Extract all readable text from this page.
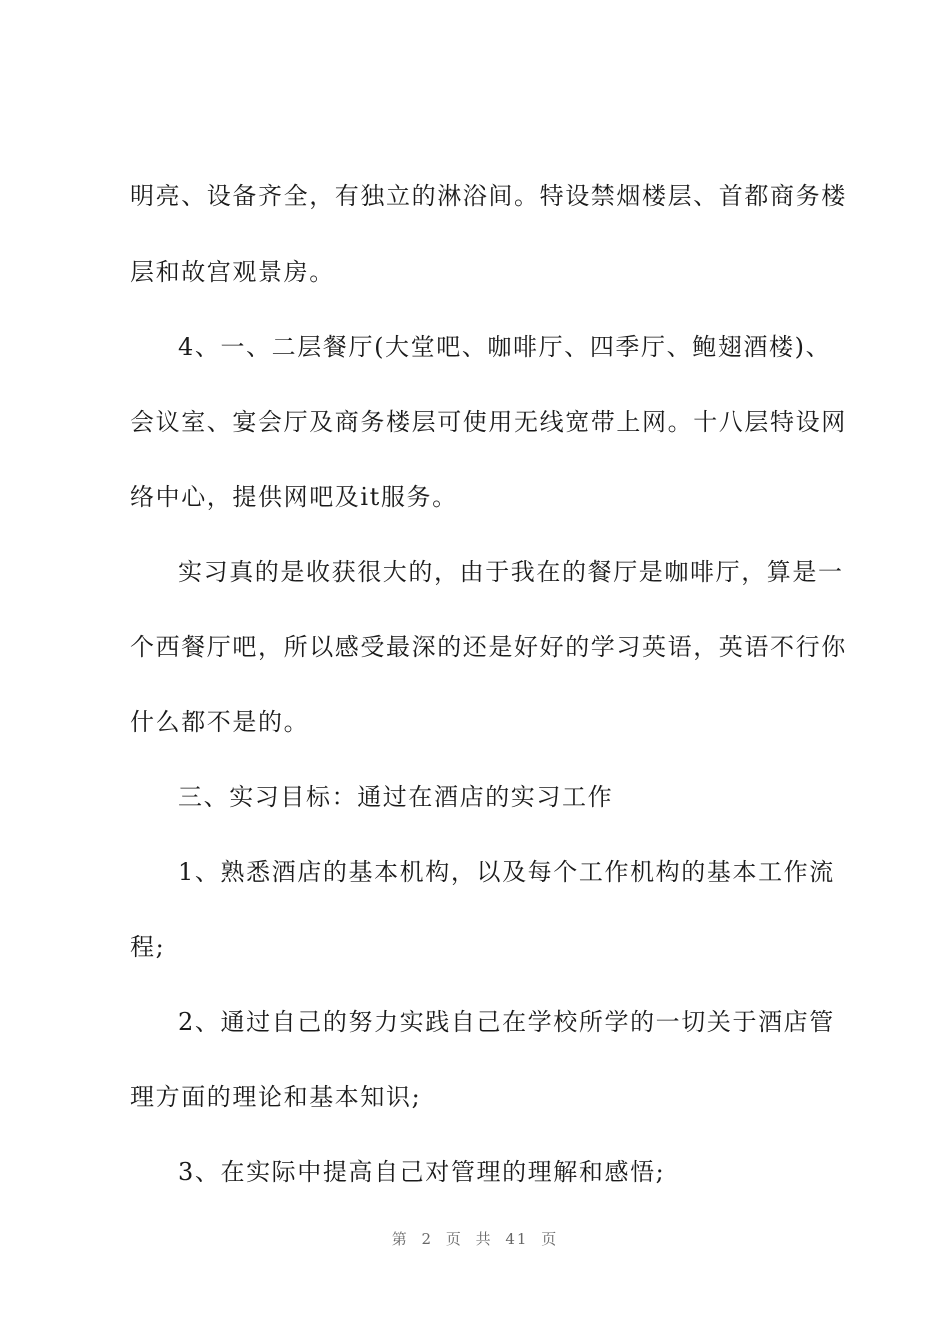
明亮、设备齐全，有独立的淋浴间。特设禁烟楼层、首都商务楼
层和故宫观景房。
4、一、二层餐厅(大堂吧、咖啡厅、四季厅、鲍翅酒楼)、
会议室、宴会厅及商务楼层可使用无线宽带上网。十八层特设网
络中心，提供网吧及it服务。
实习真的是收获很大的，由于我在的餐厅是咖啡厅，算是一
个西餐厅吧，所以感受最深的还是好好的学习英语，英语不行你
什么都不是的。
三、实习目标：通过在酒店的实习工作
1、熟悉酒店的基本机构，以及每个工作机构的基本工作流
程;
2、通过自己的努力实践自己在学校所学的一切关于酒店管
理方面的理论和基本知识;
3、在实际中提高自己对管理的理解和感悟;
第 2 页 共 41 页
